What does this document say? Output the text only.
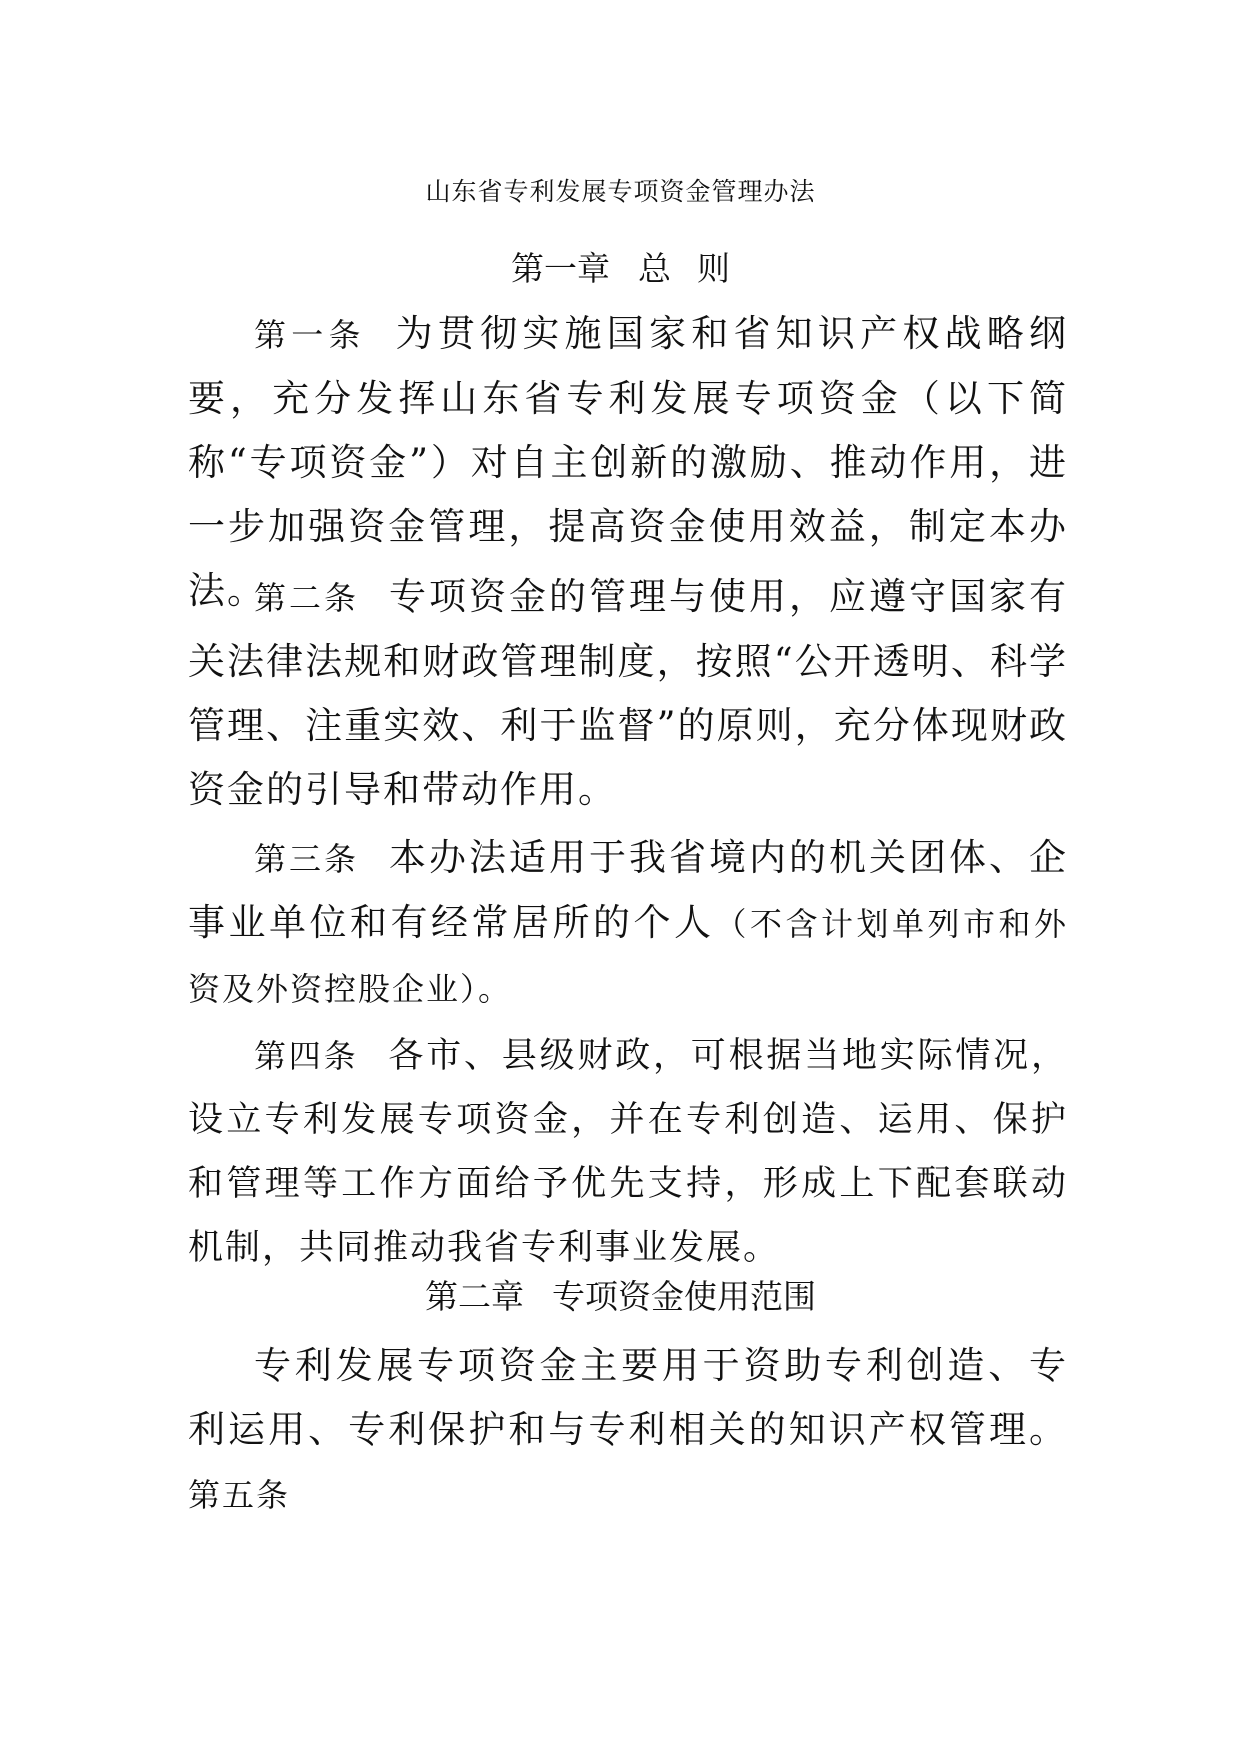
山东省专利发展专项资金管理办法
第一章 总 则

第一条 为贯彻实施国家和省知识产权战略纲要，充分发挥山东省专利发展专项资金（以下简称“专项资金”）对自主创新的激励、推动作用，进一步加强资金管理，提高资金使用效益，制定本办法。

第二条 专项资金的管理与使用，应遵守国家有关法律法规和财政管理制度，按照“公开透明、科学管理、注重实效、利于监督”的原则，充分体现财政资金的引导和带动作用。

第三条 本办法适用于我省境内的机关团体、企事业单位和有经常居所的个人（不含计划单列市和外资及外资控股企业）。

第四条 各市、县级财政，可根据当地实际情况，设立专利发展专项资金，并在专利创造、运用、保护和管理等工作方面给予优先支持，形成上下配套联动机制，共同推动我省专利事业发展。

第二章 专项资金使用范围

专利发展专项资金主要用于资助专利创造、专利运用、专利保护和与专利相关的知识产权管理。第五条
